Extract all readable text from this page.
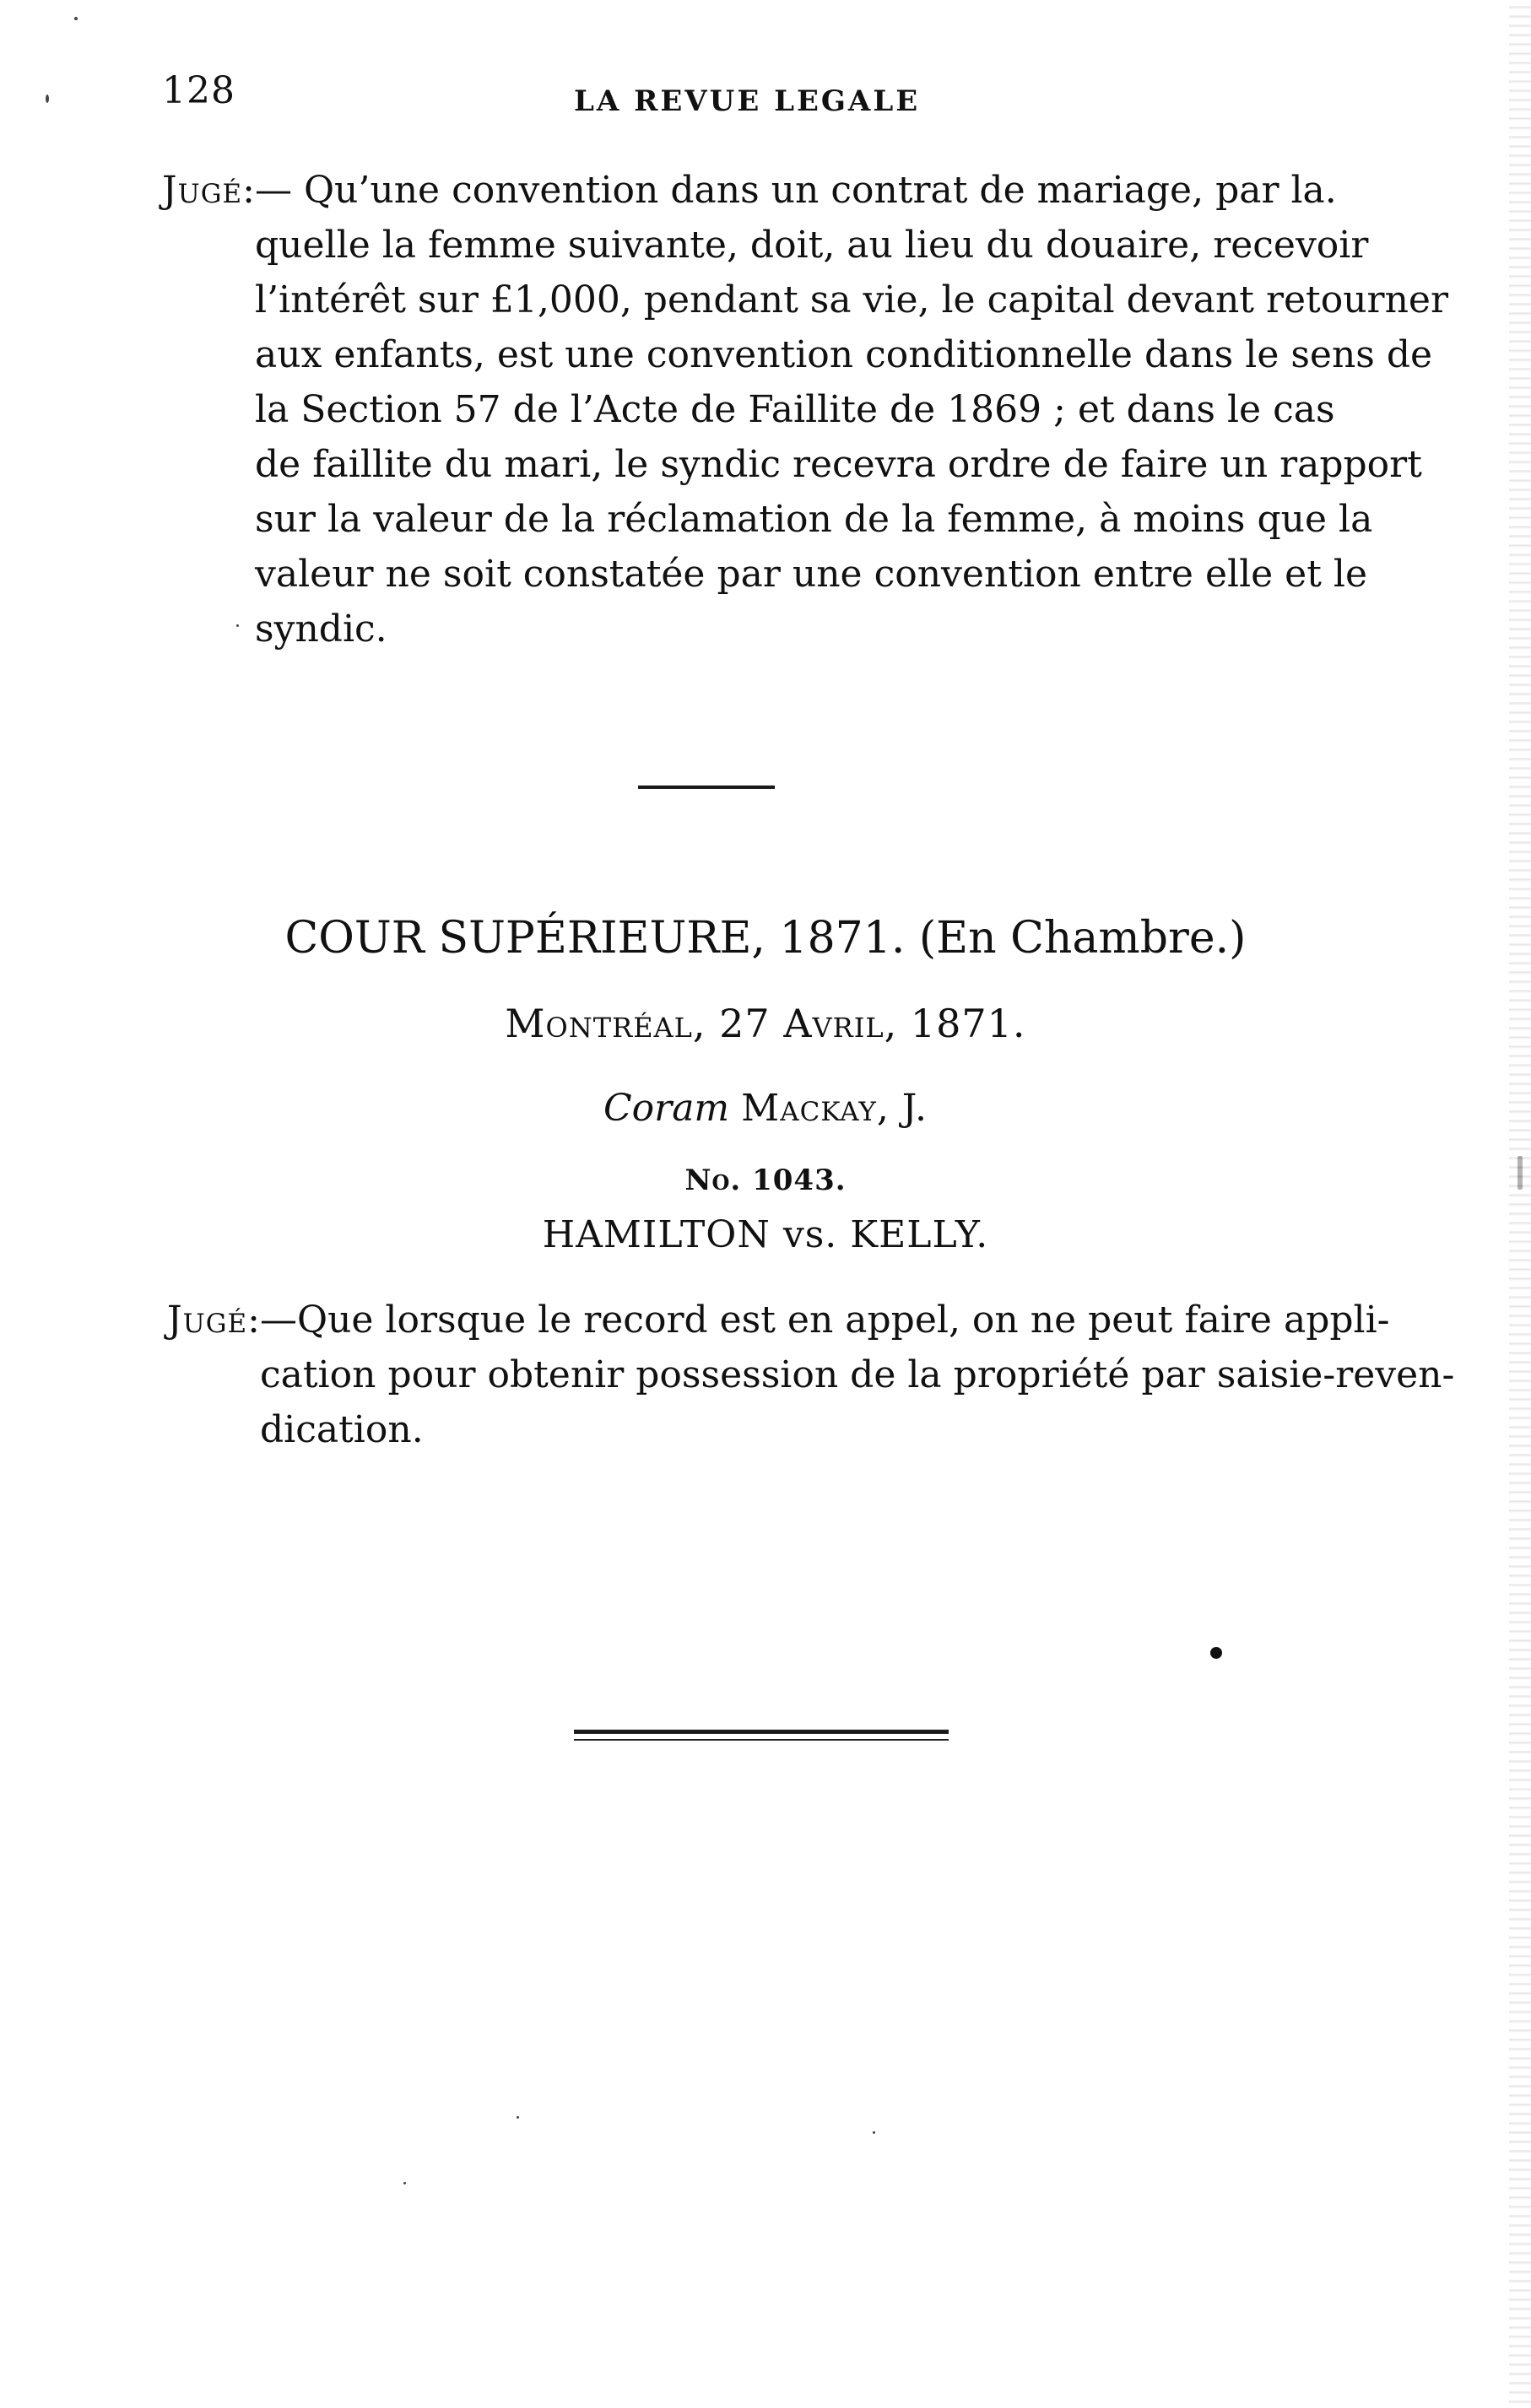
128	LA REVUE LEGALE
Jugé:— Qu’une convention dans un contrat de mariage, par la.
quelle la femme suivante, doit, au lieu du douaire, recevoir
l’intérêt sur £1,000, pendant sa vie, le capital devant retourner
aux enfants, est une convention conditionnelle dans le sens de
la Section 57 de l’Acte de Faillite de 1869 ; et dans le cas
de faillite du mari, le syndic recevra ordre de faire un rapport
sur la valeur de la réclamation de la femme, à moins que la
valeur ne soit constatée par une convention entre elle et le
syndic.
COUR SUPÉRIEURE, 1871. (En Chambre.)
Montréal, 27 Avril, 1871.
Coram Mackay, J.
No. 1043.
HAMILTON vs. KELLY.
Jugé:—Que lorsque le record est en appel, on ne peut faire appli-
cation pour obtenir possession de la propriété par saisie-reven-
dication.
